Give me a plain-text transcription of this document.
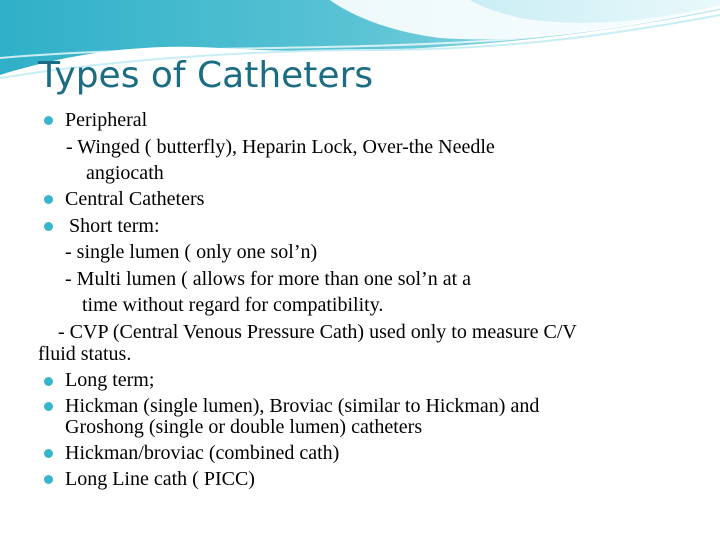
Types of Catheters
Peripheral
- Winged ( butterfly), Heparin Lock, Over-the Needle
angiocath
Central Catheters
Short term:
- single lumen ( only one sol’n)
- Multi lumen ( allows for more than one sol’n at a
time without regard for compatibility.
- CVP (Central Venous Pressure Cath) used only to measure C/V
fluid status.
Long term;
Hickman (single lumen), Broviac (similar to Hickman) and
Groshong (single or double lumen) catheters
Hickman/broviac (combined cath)
Long Line cath ( PICC)
